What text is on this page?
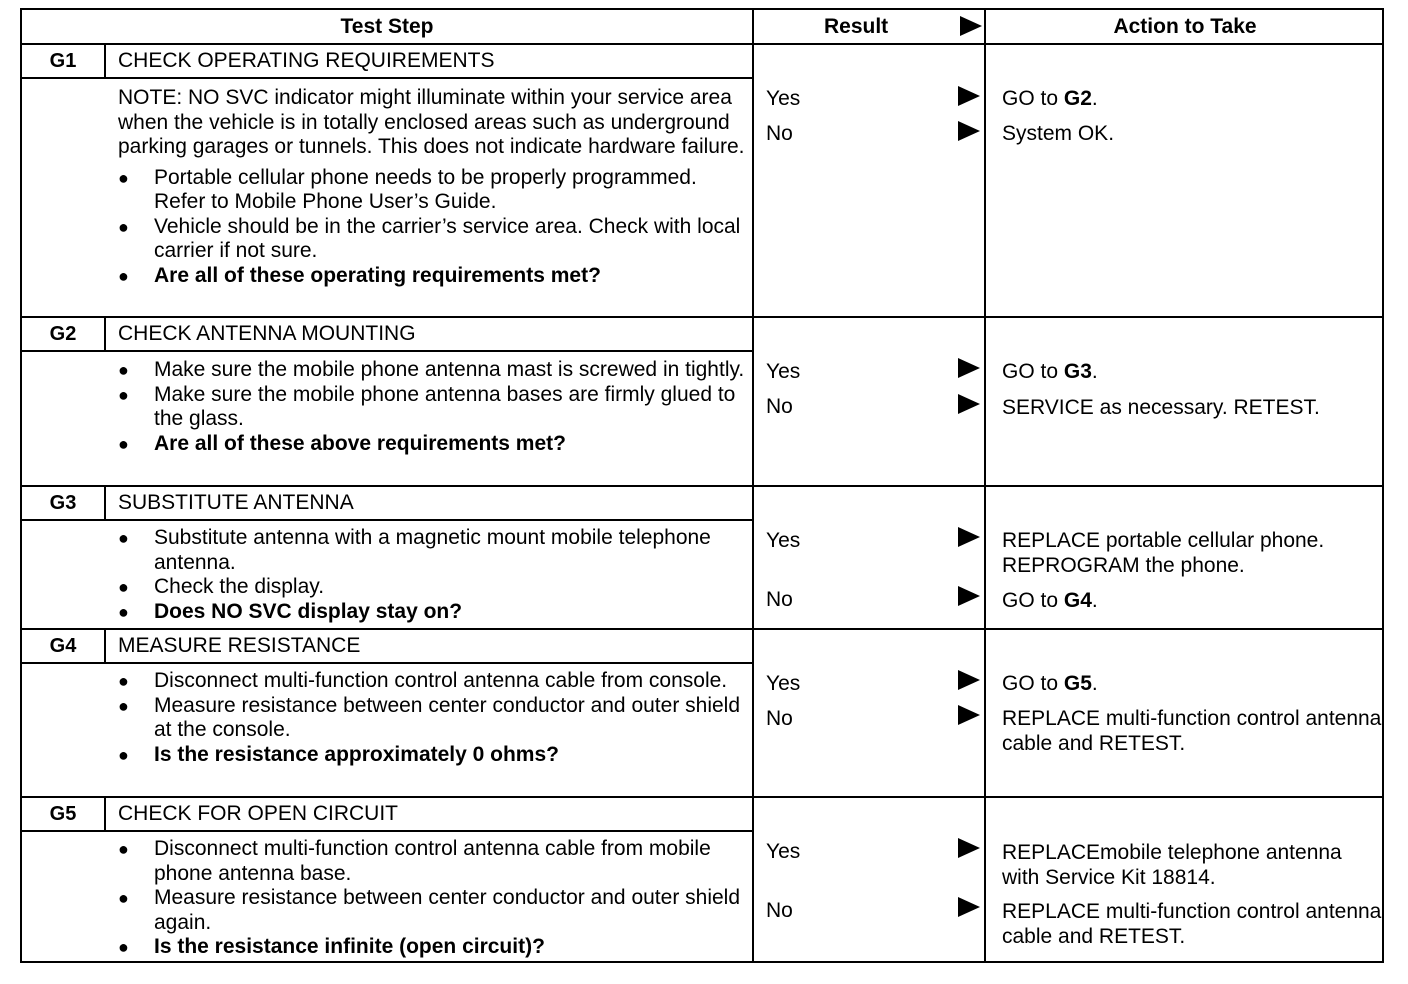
Test Step	Result	Action to Take
G1	CHECK OPERATING REQUIREMENTS

NOTE: NO SVC indicator might illuminate within your service area when the vehicle is in totally enclosed areas such as underground parking garages or tunnels. This does not indicate hardware failure.

● Portable cellular phone needs to be properly programmed. Refer to Mobile Phone User’s Guide.
● Vehicle should be in the carrier’s service area. Check with local carrier if not sure.
● Are all of these operating requirements met?
Yes	GO to G2.
No	System OK.
G2	CHECK ANTENNA MOUNTING
● Make sure the mobile phone antenna mast is screwed in tightly.
● Make sure the mobile phone antenna bases are firmly glued to the glass.
● Are all of these above requirements met?
Yes	GO to G3.
No	SERVICE as necessary. RETEST.
G3	SUBSTITUTE ANTENNA
● Substitute antenna with a magnetic mount mobile telephone antenna.
● Check the display.
● Does NO SVC display stay on?
Yes	REPLACE portable cellular phone. REPROGRAM the phone.
No	GO to G4.
G4	MEASURE RESISTANCE
● Disconnect multi-function control antenna cable from console.
● Measure resistance between center conductor and outer shield at the console.
● Is the resistance approximately 0 ohms?
Yes	GO to G5.
No	REPLACE multi-function control antenna cable and RETEST.
G5	CHECK FOR OPEN CIRCUIT
● Disconnect multi-function control antenna cable from mobile phone antenna base.
● Measure resistance between center conductor and outer shield again.
● Is the resistance infinite (open circuit)?
Yes	REPLACEmobile telephone antenna with Service Kit 18814.
No	REPLACE multi-function control antenna cable and RETEST.
